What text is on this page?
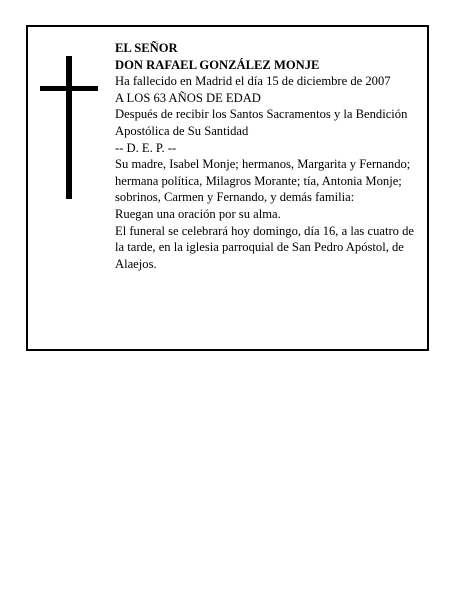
EL SEÑOR
DON RAFAEL GONZÁLEZ MONJE
Ha fallecido en Madrid el día 15 de diciembre de 2007
A LOS 63 AÑOS DE EDAD
Después de recibir los Santos Sacramentos y la Bendición Apostólica de Su Santidad
-- D. E. P. --
Su madre, Isabel Monje; hermanos, Margarita y Fernando; hermana política, Milagros Morante; tía, Antonia Monje; sobrinos, Carmen y Fernando, y demás familia:
Ruegan una oración por su alma.
El funeral se celebrará hoy domingo, día 16, a las cuatro de la tarde, en la iglesia parroquial de San Pedro Apóstol, de Alaejos.
